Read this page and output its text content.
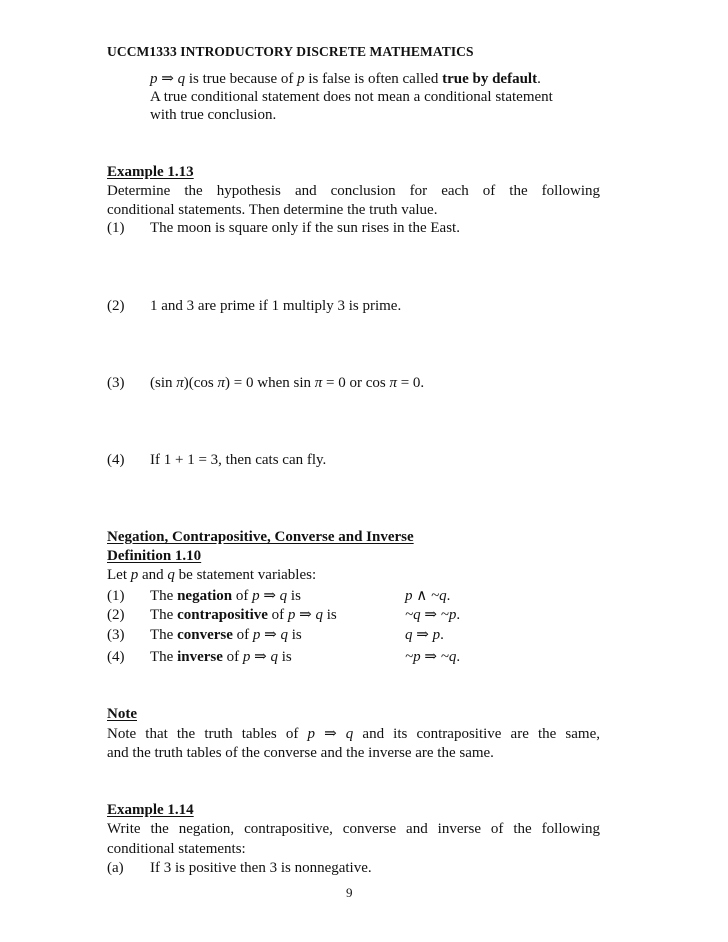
UCCM1333 INTRODUCTORY DISCRETE MATHEMATICS
p ⇒ q is true because of p is false is often called true by default.
A true conditional statement does not mean a conditional statement
with true conclusion.
Example 1.13
Determine the hypothesis and conclusion for each of the following
conditional statements. Then determine the truth value.
(1) The moon is square only if the sun rises in the East.
(2) 1 and 3 are prime if 1 multiply 3 is prime.
(3) (sin π)(cos π) = 0 when sin π = 0 or cos π = 0.
(4) If 1 + 1 = 3, then cats can fly.
Negation, Contrapositive, Converse and Inverse
Definition 1.10
Let p and q be statement variables:
(1) The negation of p ⇒ q is	p ∧ ~q.
(2) The contrapositive of p ⇒ q is	~q ⇒ ~p.
(3) The converse of p ⇒ q is	q ⇒ p.
(4) The inverse of p ⇒ q is	~p ⇒ ~q.
Note
Note that the truth tables of p ⇒ q and its contrapositive are the same,
and the truth tables of the converse and the inverse are the same.
Example 1.14
Write the negation, contrapositive, converse and inverse of the following
conditional statements:
(a) If 3 is positive then 3 is nonnegative.
9
